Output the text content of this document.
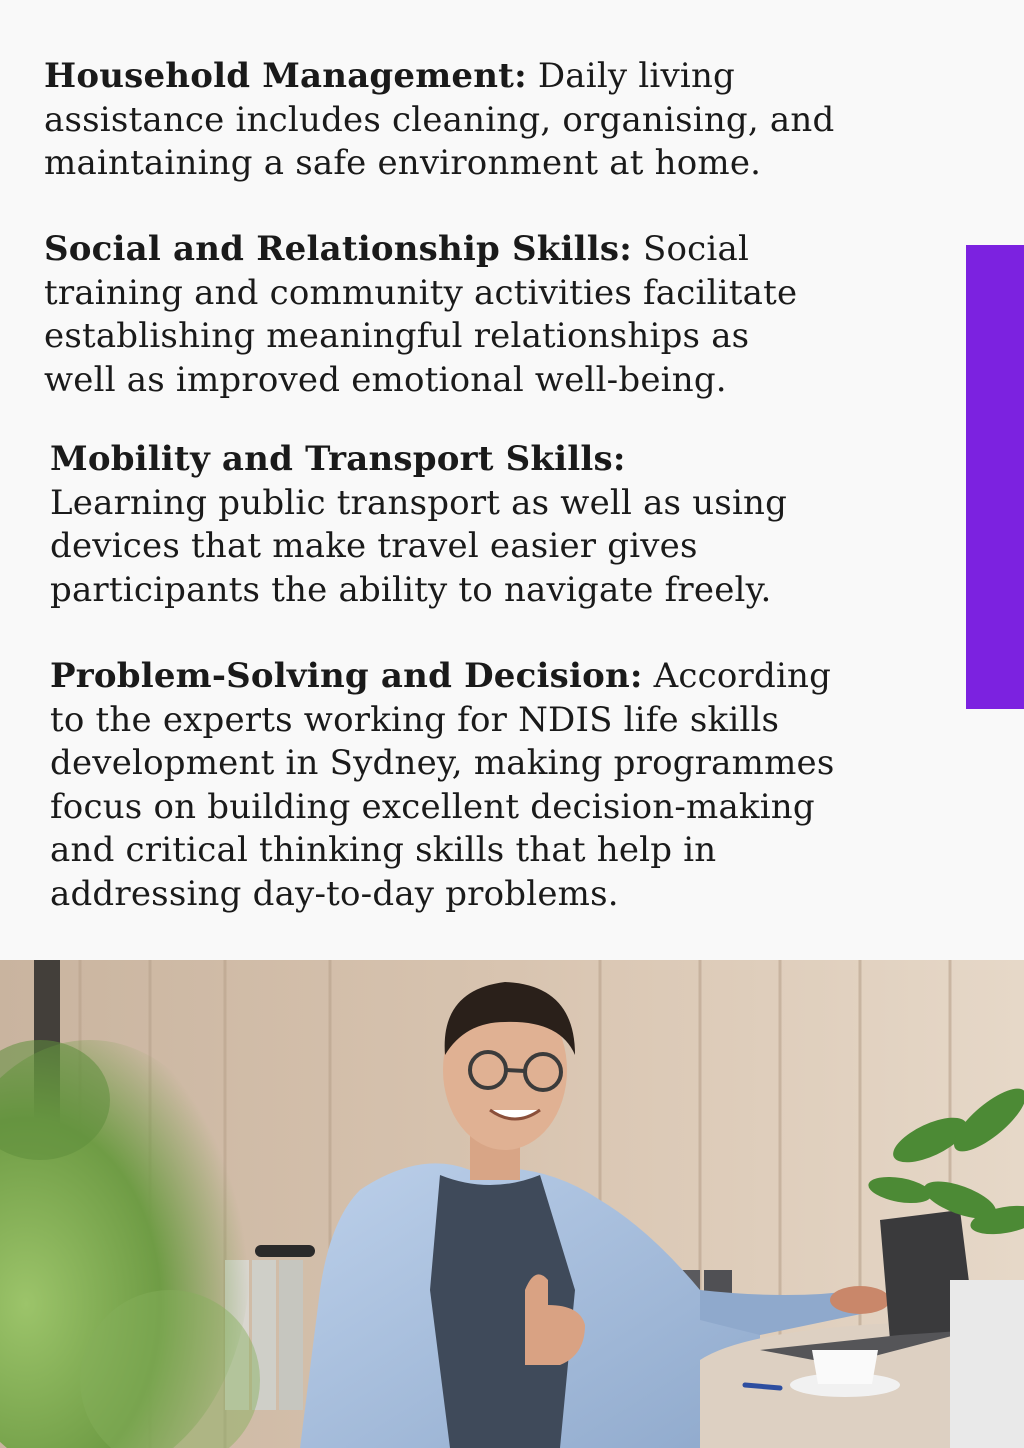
Household Management: Daily living assistance includes cleaning, organising, and maintaining a safe environment at home.

Social and Relationship Skills: Social training and community activities facilitate establishing meaningful relationships as well as improved emotional well-being.

Mobility and Transport Skills: Learning public transport as well as using devices that make travel easier gives participants the ability to navigate freely.

Problem-Solving and Decision: According to the experts working for NDIS life skills development in Sydney, making programmes focus on building excellent decision-making and critical thinking skills that help in addressing day-to-day problems.
